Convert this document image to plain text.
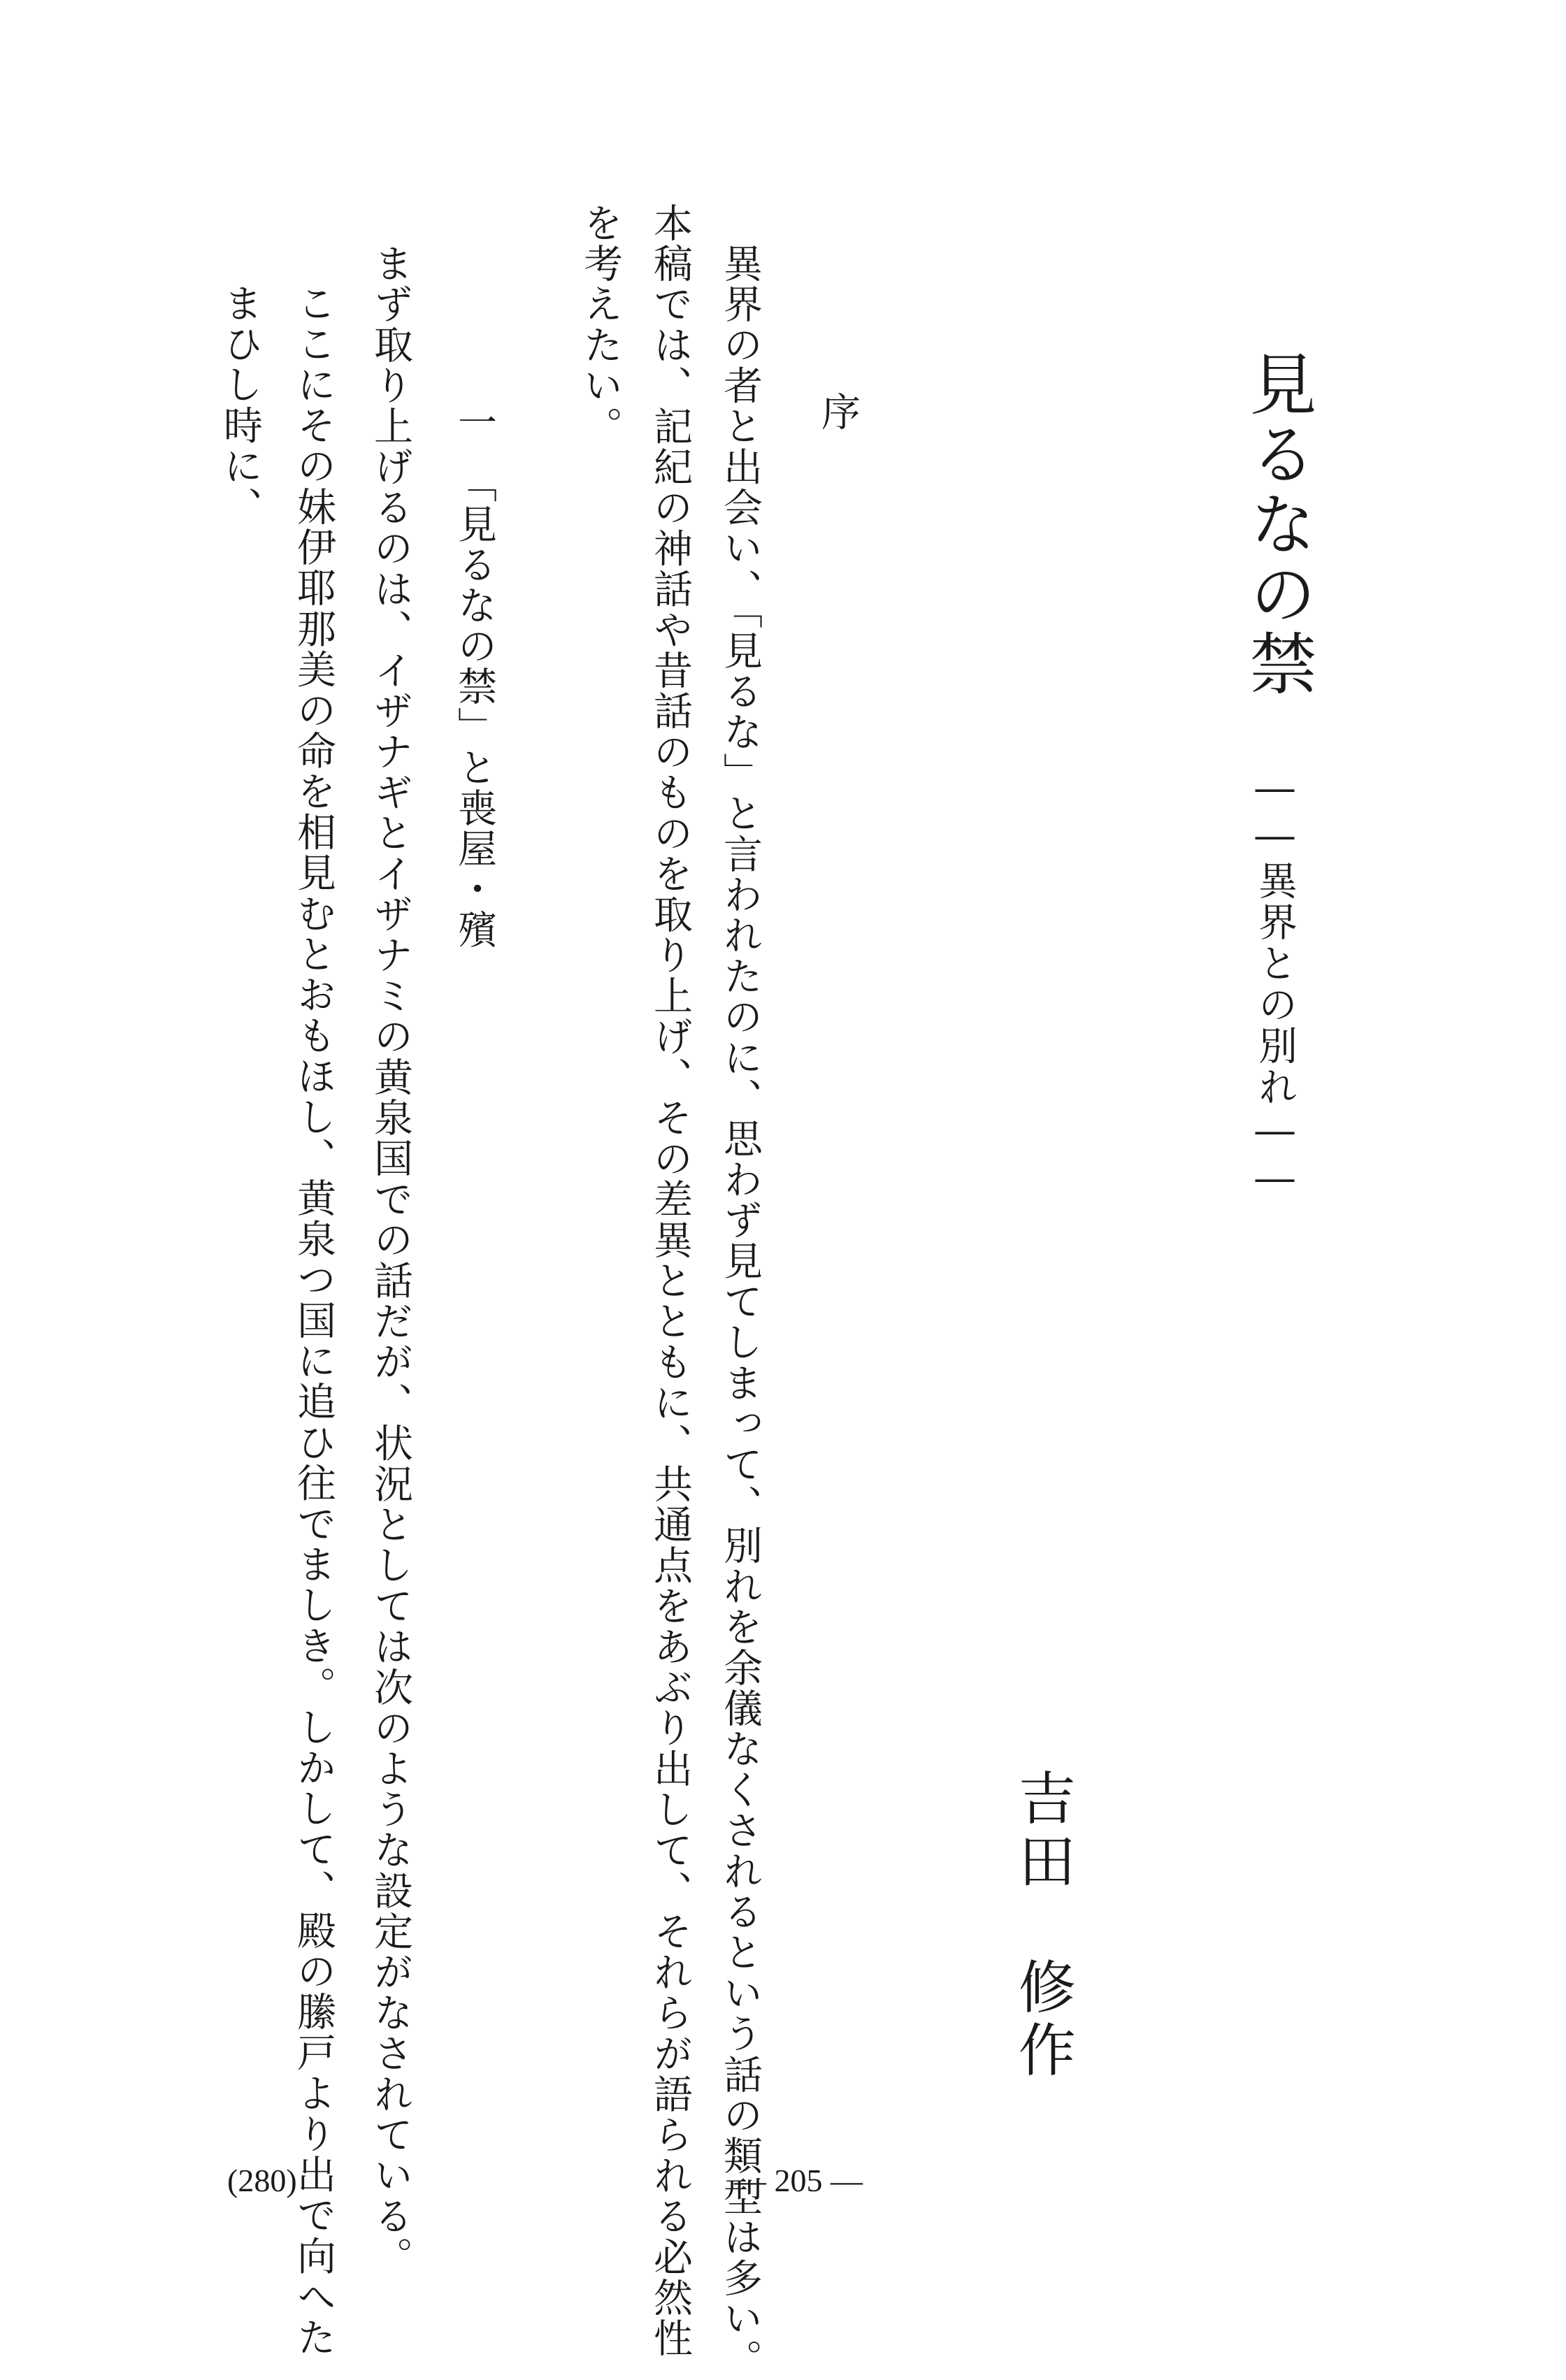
見るなの禁
――異界との別れ――
吉田　修作
序
異界の者と出会い、「見るな」と言われたのに、思わず見てしまって、別れを余儀なくされるという話の類型は多い。
本稿では、記紀の神話や昔話のものを取り上げ、その差異とともに、共通点をあぶり出して、それらが語られる必然性
を考えたい。
一　「見るなの禁」と喪屋・殯
まず取り上げるのは、イザナギとイザナミの黄泉国での話だが、状況としては次のような設定がなされている。
ここにその妹伊耶那美の命を相見むとおもほし、黄泉つ国に追ひ往でましき。しかして、殿の縢戸より出で向へた
まひし時に、
(280)	― 205 ―
